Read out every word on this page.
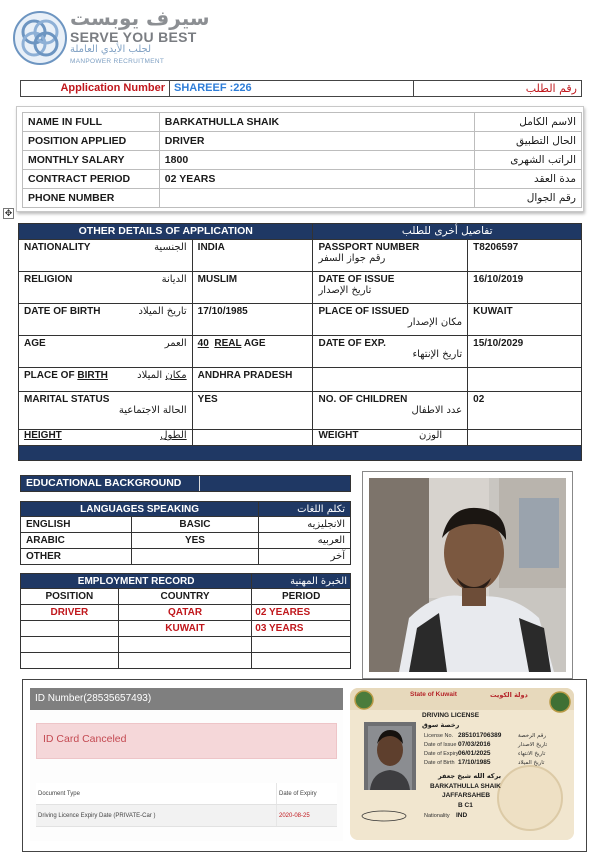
سيرف يوبست
SERVE YOU BEST
لجلب الأيدي العاملة
MANPOWER RECRUITMENT
Application Number SHAREEF :226	رقم الطلب
NAME IN FULL	BARKATHULLA SHAIK	الاسم الكامل
POSITION APPLIED	DRIVER	الحال التطبيق
MONTHLY SALARY	1800	الراتب الشهرى
CONTRACT PERIOD	02 YEARS	مدة العقد
PHONE NUMBER		رقم الجوال
✥
OTHER DETAILS OF APPLICATION		تفاصيل أخرى للطلب	
NATIONALITY الجنسية	INDIA	PASSPORT NUMBER
رقم جواز السفر	T8206597
RELIGION الديانة	MUSLIM	DATE OF ISSUE
تاريخ الإصدار	16/10/2019
DATE OF BIRTH تاريخ الميلاد	17/10/1985	PLACE OF ISSUED
مكان الإصدار	KUWAIT
AGE العمر	40 REAL AGE	DATE OF EXP.
تاريخ الإنتهاء	15/10/2029
PLACE OF BIRTH مكان الميلاد	ANDHRA PRADESH		
MARITAL STATUS
الحالة الاجتماعية	YES	NO. OF CHILDREN
عدد الاطفال	02
HEIGHT الطول		WEIGHT الوزن	

EDUCATIONAL BACKGROUND
LANGUAGES SPEAKING		تكلم اللغات
ENGLISH	BASIC	الانجليزيه
ARABIC	YES	العربيه
OTHER		آخر
EMPLOYMENT RECORD		الخبرة المهنية
POSITION	COUNTRY	PERIOD
DRIVER	QATAR	02 YEARES
	KUWAIT	03 YEARS

ID Number(28535657493)
ID Card Canceled
Document Type	Date of Expiry
Driving Licence Expiry Date (PRIVATE-Car )	2020-08-25
State of Kuwait	دولة الكويت
DRIVING LICENSE
رخصة سوق
License No. 285101706389	رقم الرخصة
Date of Issue 07/03/2016	تاريخ الاصدار
Date of Expiry 06/01/2025	تاريخ الانتهاء
Date of Birth 17/10/1985	تاريخ الميلاد
بركه الله شيخ جعفر
BARKATHULLA SHAIK
JAFFARSAHEB
B C1
Nationality IND
